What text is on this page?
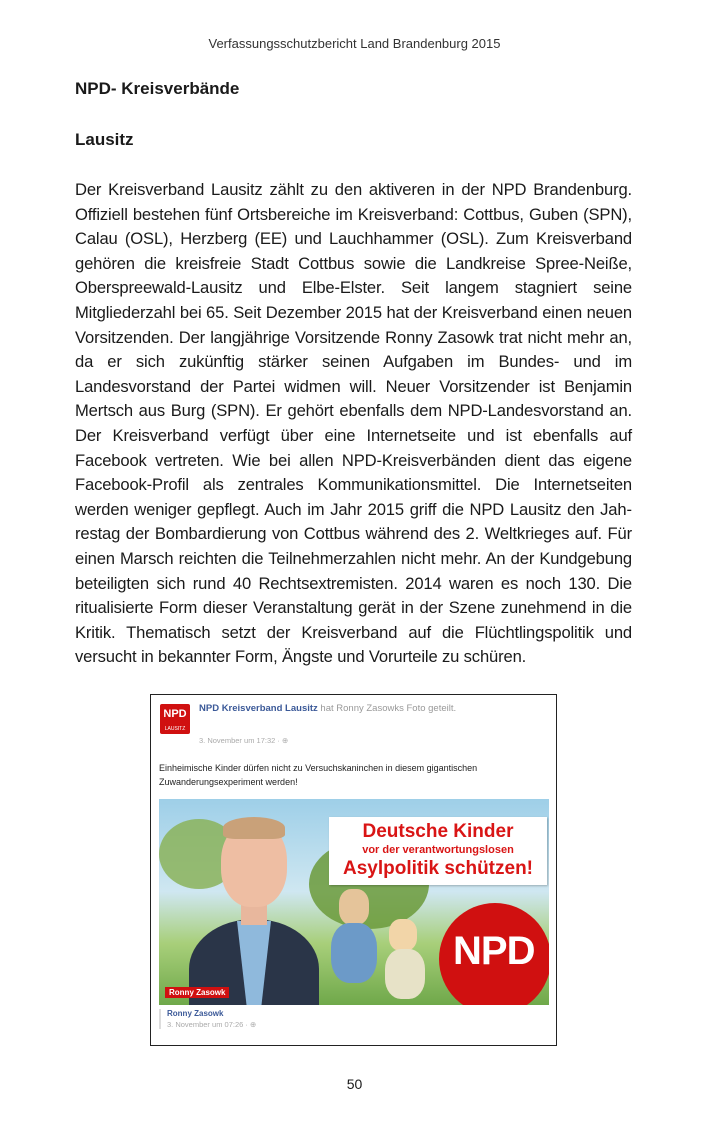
Verfassungsschutzbericht Land Brandenburg 2015
NPD- Kreisverbände
Lausitz

Der Kreisverband Lausitz zählt zu den aktiveren in der NPD Brandenburg. Offiziell bestehen fünf Ortsbereiche im Kreisverband: Cottbus, Guben (SPN), Calau (OSL), Herzberg (EE) und Lauchhammer (OSL). Zum Kreisverband gehören die kreisfreie Stadt Cottbus sowie die Landkreise Spree-Neiße, Oberspreewald-Lausitz und Elbe-Elster. Seit langem stagniert seine Mitgliederzahl bei 65. Seit Dezember 2015 hat der Kreisverband einen neuen Vorsitzenden. Der langjährige Vorsitzende Ronny Zasowk trat nicht mehr an, da er sich zukünftig stärker seinen Aufgaben im Bundes- und im Landesvorstand der Partei widmen will. Neuer Vorsitzender ist Benjamin Mertsch aus Burg (SPN). Er gehört ebenfalls dem NPD-Landesvorstand an. Der Kreisverband verfügt über eine Internetseite und ist ebenfalls auf Facebook vertreten. Wie bei allen NPD-Kreisverbänden dient das eigene Facebook-Profil als zentrales Kommunikationsmittel. Die Internetseiten werden weniger gepflegt. Auch im Jahr 2015 griff die NPD Lausitz den Jahrestag der Bombardierung von Cottbus während des 2. Weltkrieges auf. Für einen Marsch reichten die Teilnehmerzahlen nicht mehr. An der Kundgebung beteiligten sich rund 40 Rechtsextremisten. 2014 waren es noch 130. Die ritualisierte Form dieser Veranstaltung gerät in der Szene zunehmend in die Kritik. Thematisch setzt der Kreisverband auf die Flüchtlingspolitik und versucht in bekannter Form, Ängste und Vorurteile zu schüren.

NPD
LAUSITZ
NPD Kreisverband Lausitz hat Ronny Zasowks Foto geteilt.
3. November um 17:32 · ⊕
Einheimische Kinder dürfen nicht zu Versuchskaninchen in diesem gigantischen Zuwanderungsexperiment werden!
Deutsche Kinder
vor der verantwortungslosen
Asylpolitik schützen!
NPD
Ronny Zasowk
Ronny Zasowk
3. November um 07:26 · ⊕
50
